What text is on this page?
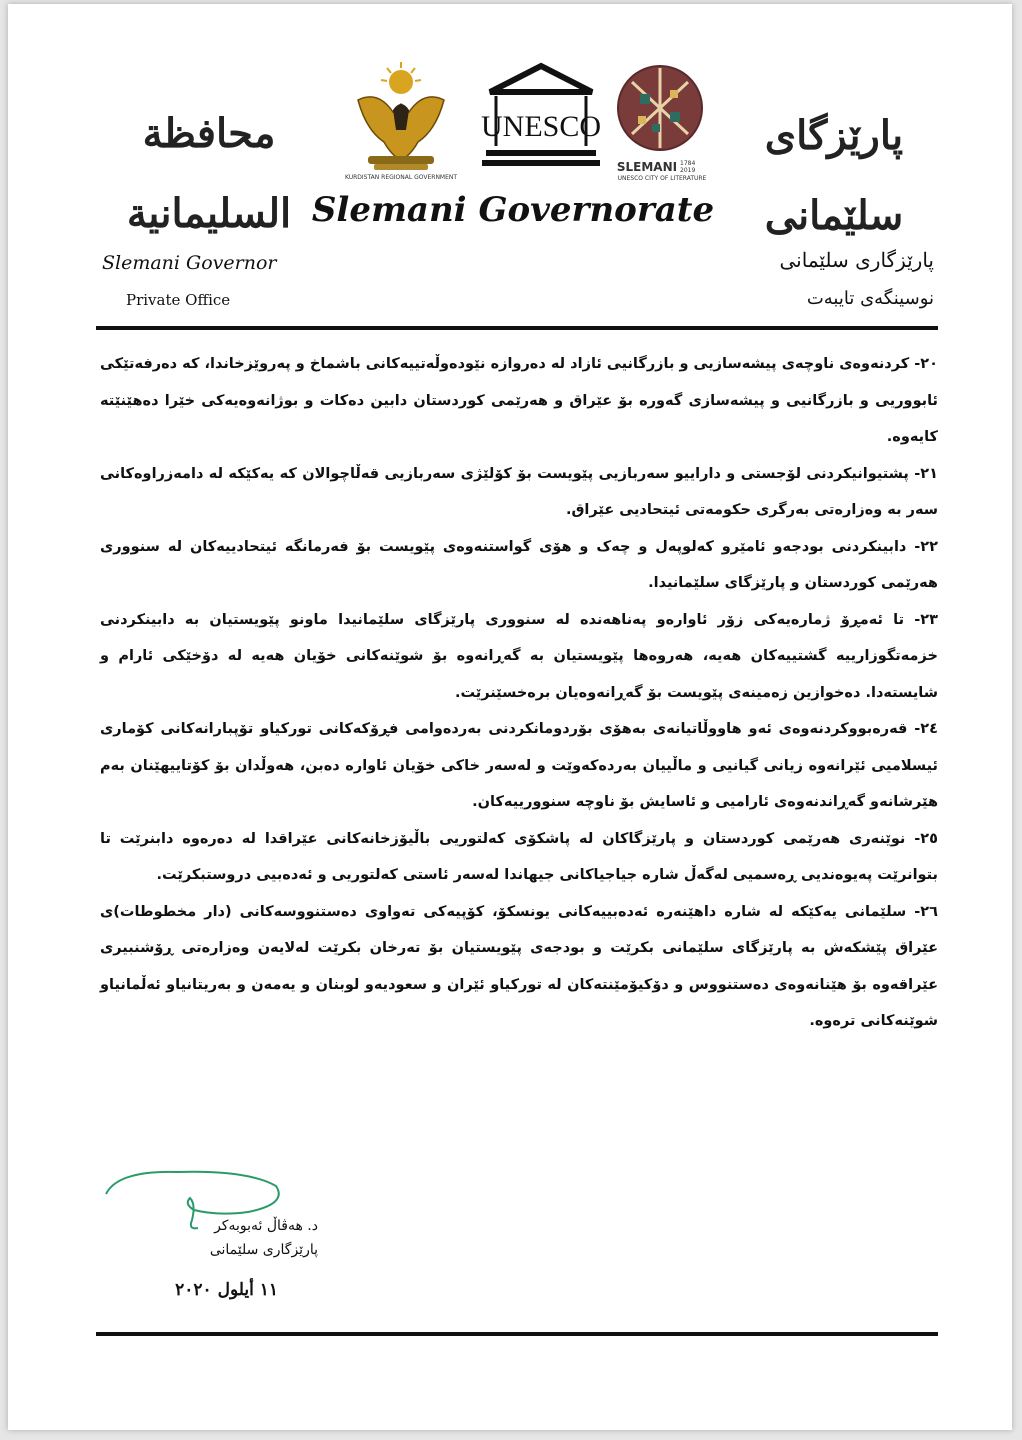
محافظة السليمانية
KURDISTAN REGIONAL GOVERNMENT
UNESCO
SLEMANI 1784
2019
UNESCO CITY OF LITERATURE
پارێزگای سلێمانی
Slemani Governorate
Slemani Governor
Private Office
پارێزگاری سلێمانی
نوسینگەی تایبەت

٢٠- کردنەوەی ناوچەی پیشەسازیی و بازرگانیی ئازاد لە دەروازە نێودەوڵەتییەکانی باشماخ و پەروێزخاندا، کە دەرفەتێکی ئابووریی و بازرگانیی و پیشەسازی گەورە بۆ عێراق و هەرێمی کوردستان دابین دەکات و بوژانەوەیەکی خێرا دەهێنێتە کایەوە.

٢١- پشتیوانیکردنی لۆجستی و داراییو سەربازیی پێویست بۆ کۆلێژی سەربازیی قەڵاچوالان کە یەکێکە لە دامەزراوەکانی سەر بە وەزارەتی بەرگری حکومەتی ئیتحادیی عێراق.

٢٢- دابینکردنی بودجەو ئامێرو کەلوپەل و چەک و هۆی گواستنەوەی پێویست بۆ فەرمانگە ئیتحادییەکان لە سنووری هەرێمی کوردستان و پارێزگای سلێمانیدا.

٢٣- تا ئەمڕۆ ژمارەیەکی زۆر ئاوارەو پەناهەندە لە سنووری پارێزگای سلێمانیدا ماونو پێویستیان بە دابینکردنی خزمەتگوزارییە گشتییەکان هەیە، هەروەها پێویستیان بە گەڕانەوە بۆ شوێنەکانی خۆیان هەیە لە دۆخێکی ئارام و شایستەدا. دەخوازین زەمینەی پێویست بۆ گەڕانەوەیان برەخسێنرێت.

٢٤- قەرەبووکردنەوەی ئەو هاووڵاتیانەی بەهۆی بۆردومانکردنی بەردەوامی فڕۆکەکانی تورکیاو تۆپبارانەکانی کۆماری ئیسلامیی ئێرانەوە زیانی گیانیی و ماڵییان بەردەکەوێت و لەسەر خاکی خۆیان ئاوارە دەبن، هەوڵدان بۆ کۆتاییهێنان بەم هێرشانەو گەڕاندنەوەی ئارامیی و ئاسایش بۆ ناوچە سنوورییەکان.

٢٥- نوێنەری هەرێمی کوردستان و پارێزگاکان لە پاشکۆی کەلتوریی باڵیۆزخانەکانی عێراقدا لە دەرەوە دابنرێت تا بتوانرێت پەیوەندیی ڕەسمیی لەگەڵ شارە جیاجیاکانی جیهاندا لەسەر ئاستی کەلتوریی و ئەدەبیی دروستبکرێت.

٢٦- سلێمانی یەکێکە لە شارە داهێنەرە ئەدەبییەکانی یونسکۆ، کۆپیەکی تەواوی دەستنووسەکانی (دار مخطوطات)ی عێراق پێشکەش بە پارێزگای سلێمانی بکرێت و بودجەی پێویستیان بۆ تەرخان بکرێت لەلایەن وەزارەتی ڕۆشنبیری عێراقەوە بۆ هێنانەوەی دەستنووس و دۆکیۆمێنتەکان لە تورکیاو ئێران و سعودیەو لوبنان و یەمەن و بەریتانیاو ئەڵمانیاو شوێنەکانی ترەوە.

د. هەڤاڵ ئەبوبەکر
پارێزگاری سلێمانی
١١ أيلول ٢٠٢٠
